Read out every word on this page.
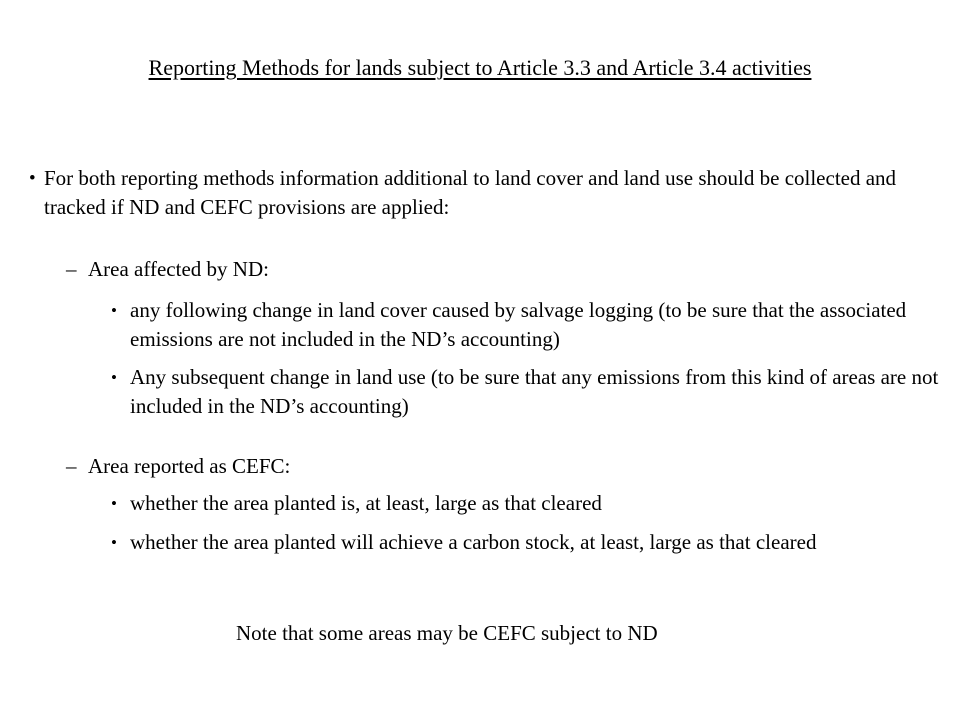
Reporting Methods for lands subject to Article 3.3 and Article 3.4 activities
• For both reporting methods information additional to land cover and land use should be collected and tracked if ND and CEFC provisions are applied:
– Area affected by ND:
• any following change in land cover caused by salvage logging (to be sure that the associated emissions are not included in the ND’s accounting)
• Any subsequent change in land use (to be sure that any emissions from this kind of areas are not included in the ND’s accounting)
– Area reported as CEFC:
• whether the area planted is, at least, large as that cleared
• whether the area planted will achieve a carbon stock, at least, large as that cleared
Note that some areas may be CEFC subject to ND
